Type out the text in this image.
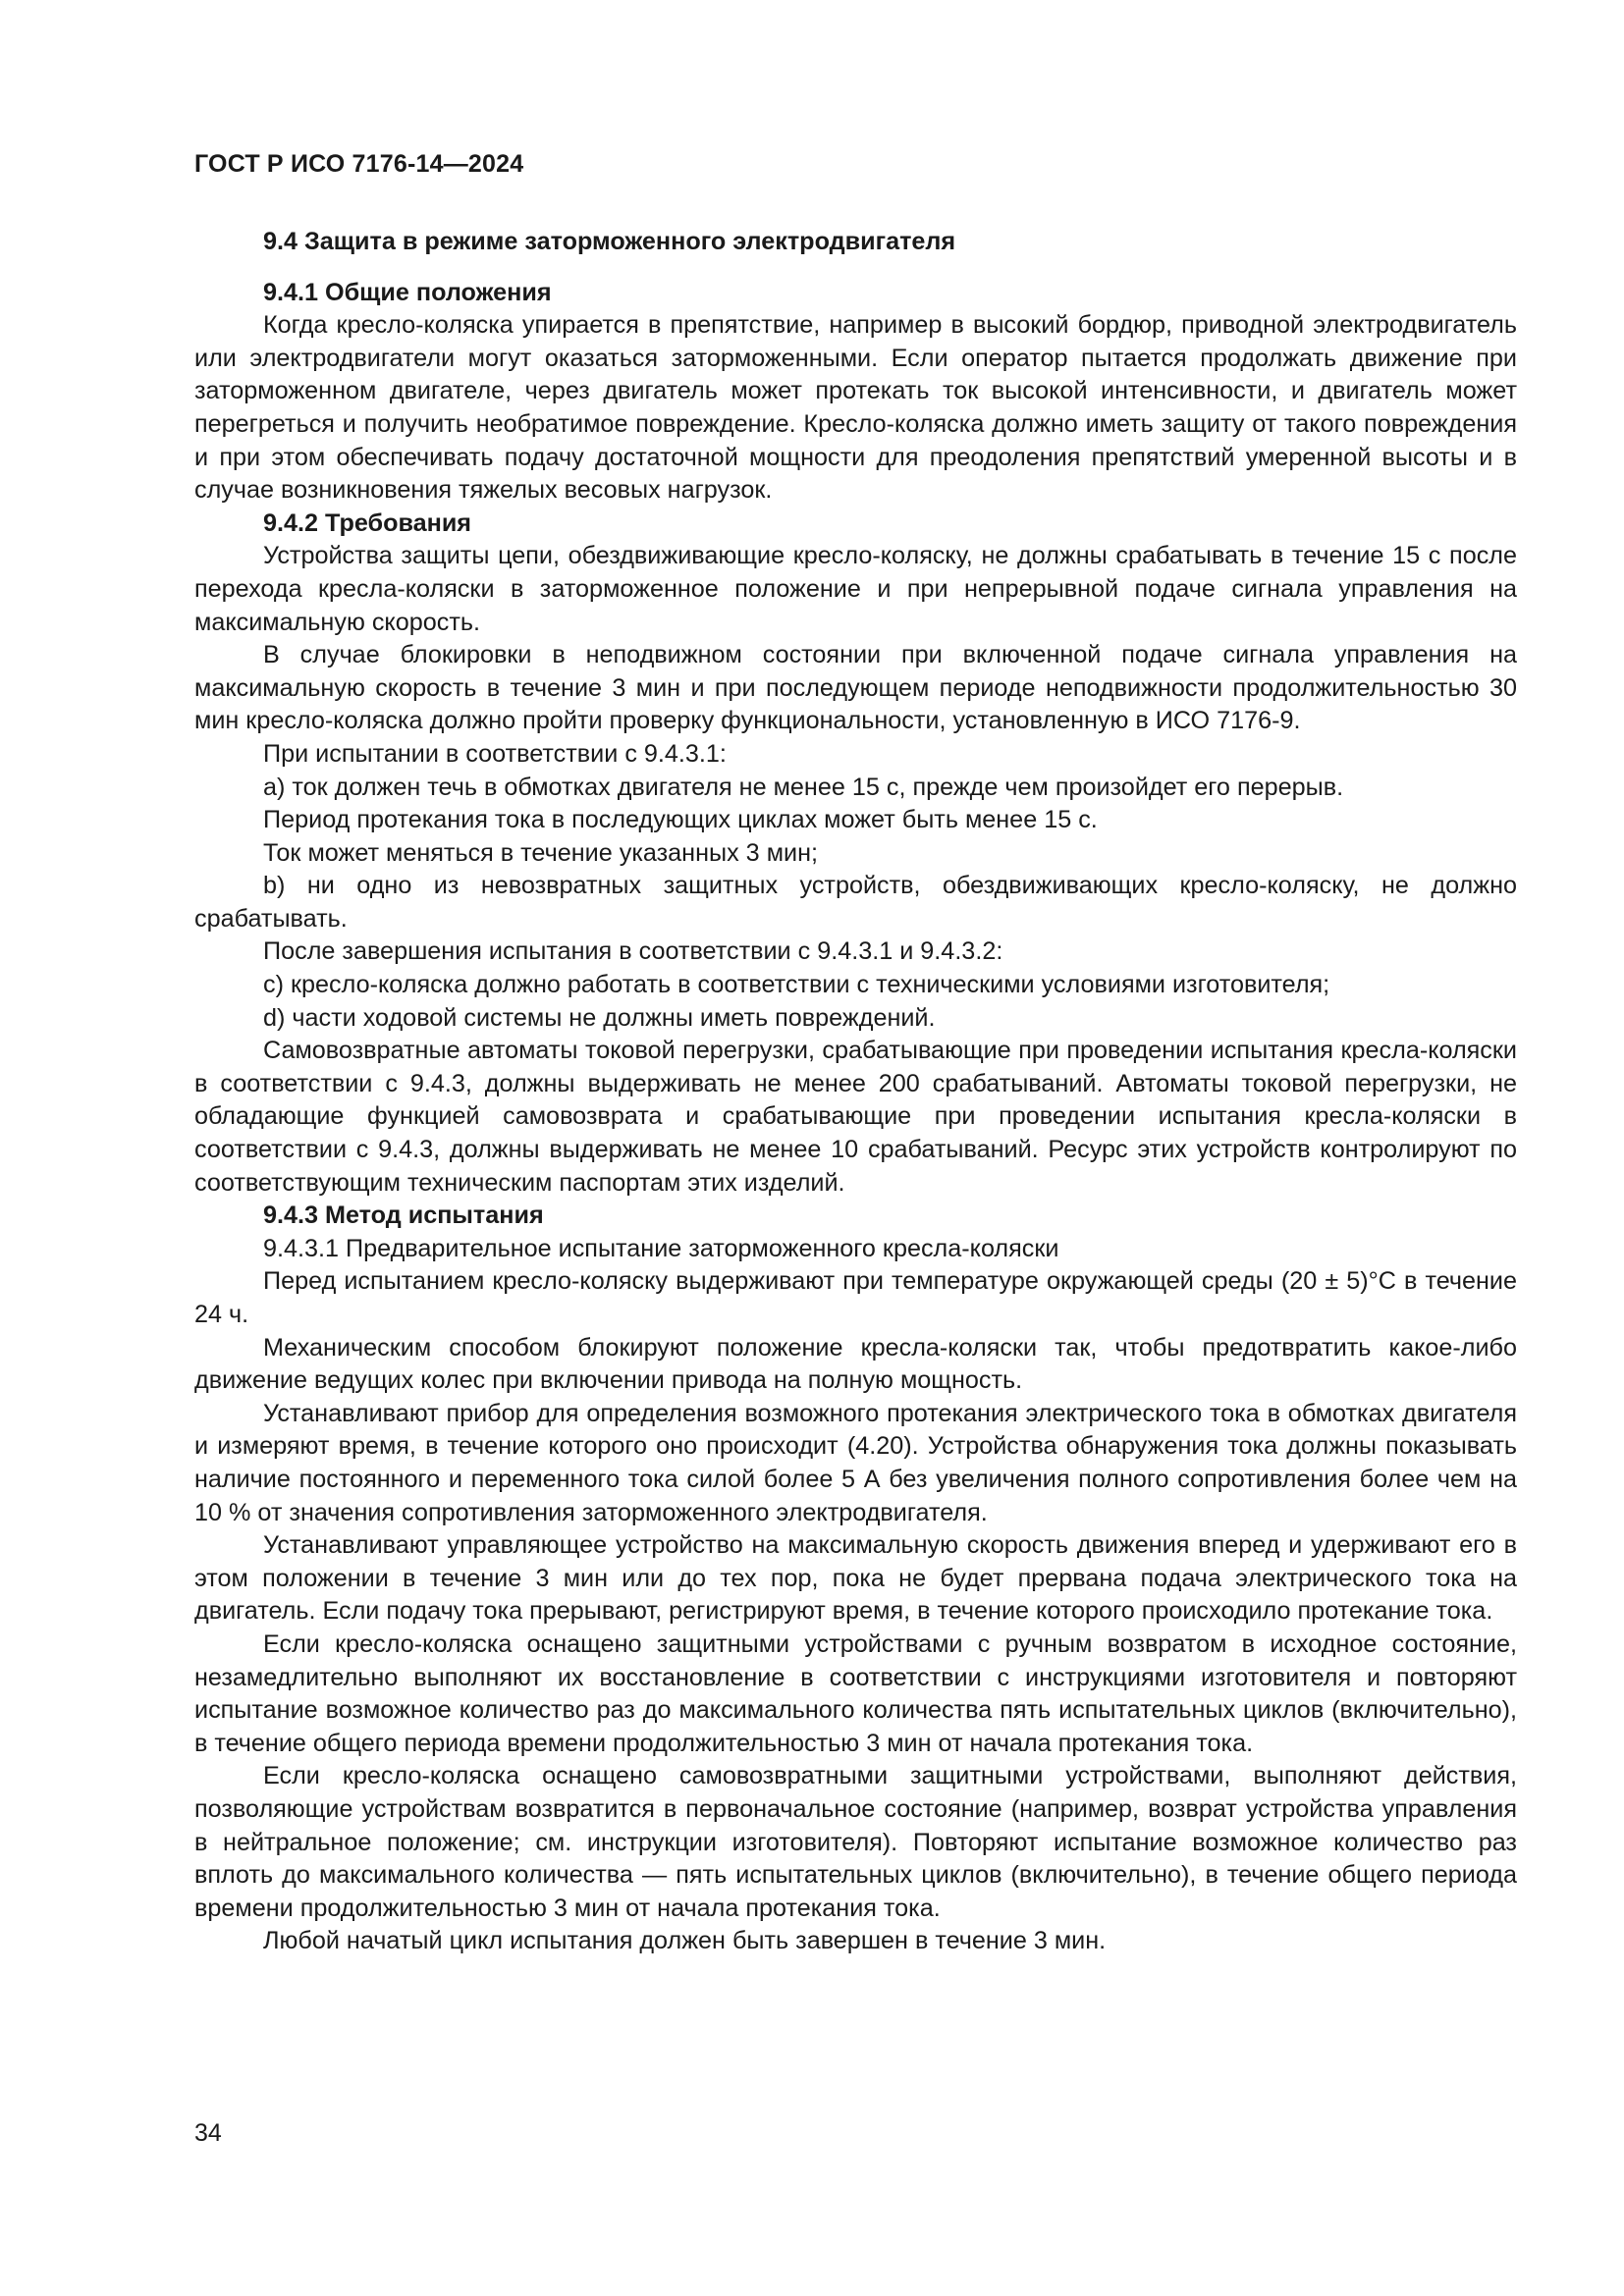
ГОСТ Р ИСО 7176-14—2024

9.4 Защита в режиме заторможенного электродвигателя

9.4.1 Общие положения

Когда кресло-коляска упирается в препятствие, например в высокий бордюр, приводной электродвигатель или электродвигатели могут оказаться заторможенными. Если оператор пытается продолжать движение при заторможенном двигателе, через двигатель может протекать ток высокой интенсивности, и двигатель может перегреться и получить необратимое повреждение. Кресло-коляска должно иметь защиту от такого повреждения и при этом обеспечивать подачу достаточной мощности для преодоления препятствий умеренной высоты и в случае возникновения тяжелых весовых нагрузок.

9.4.2 Требования

Устройства защиты цепи, обездвиживающие кресло-коляску, не должны срабатывать в течение 15 с после перехода кресла-коляски в заторможенное положение и при непрерывной подаче сигнала управления на максимальную скорость.

В случае блокировки в неподвижном состоянии при включенной подаче сигнала управления на максимальную скорость в течение 3 мин и при последующем периоде неподвижности продолжительностью 30 мин кресло-коляска должно пройти проверку функциональности, установленную в ИСО 7176-9.

При испытании в соответствии с 9.4.3.1:

a) ток должен течь в обмотках двигателя не менее 15 с, прежде чем произойдет его перерыв.

Период протекания тока в последующих циклах может быть менее 15 с.

Ток может меняться в течение указанных 3 мин;

b) ни одно из невозвратных защитных устройств, обездвиживающих кресло-коляску, не должно срабатывать.

После завершения испытания в соответствии с 9.4.3.1 и 9.4.3.2:

c) кресло-коляска должно работать в соответствии с техническими условиями изготовителя;

d) части ходовой системы не должны иметь повреждений.

Самовозвратные автоматы токовой перегрузки, срабатывающие при проведении испытания кресла-коляски в соответствии с 9.4.3, должны выдерживать не менее 200 срабатываний. Автоматы токовой перегрузки, не обладающие функцией самовозврата и срабатывающие при проведении испытания кресла-коляски в соответствии с 9.4.3, должны выдерживать не менее 10 срабатываний. Ресурс этих устройств контролируют по соответствующим техническим паспортам этих изделий.

9.4.3 Метод испытания

9.4.3.1 Предварительное испытание заторможенного кресла-коляски

Перед испытанием кресло-коляску выдерживают при температуре окружающей среды (20 ± 5)°С в течение 24 ч.

Механическим способом блокируют положение кресла-коляски так, чтобы предотвратить какое-либо движение ведущих колес при включении привода на полную мощность.

Устанавливают прибор для определения возможного протекания электрического тока в обмотках двигателя и измеряют время, в течение которого оно происходит (4.20). Устройства обнаружения тока должны показывать наличие постоянного и переменного тока силой более 5 А без увеличения полного сопротивления более чем на 10 % от значения сопротивления заторможенного электродвигателя.

Устанавливают управляющее устройство на максимальную скорость движения вперед и удерживают его в этом положении в течение 3 мин или до тех пор, пока не будет прервана подача электрического тока на двигатель. Если подачу тока прерывают, регистрируют время, в течение которого происходило протекание тока.

Если кресло-коляска оснащено защитными устройствами с ручным возвратом в исходное состояние, незамедлительно выполняют их восстановление в соответствии с инструкциями изготовителя и повторяют испытание возможное количество раз до максимального количества пять испытательных циклов (включительно), в течение общего периода времени продолжительностью 3 мин от начала протекания тока.

Если кресло-коляска оснащено самовозвратными защитными устройствами, выполняют действия, позволяющие устройствам возвратится в первоначальное состояние (например, возврат устройства управления в нейтральное положение; см. инструкции изготовителя). Повторяют испытание возможное количество раз вплоть до максимального количества — пять испытательных циклов (включительно), в течение общего периода времени продолжительностью 3 мин от начала протекания тока.

Любой начатый цикл испытания должен быть завершен в течение 3 мин.

34
